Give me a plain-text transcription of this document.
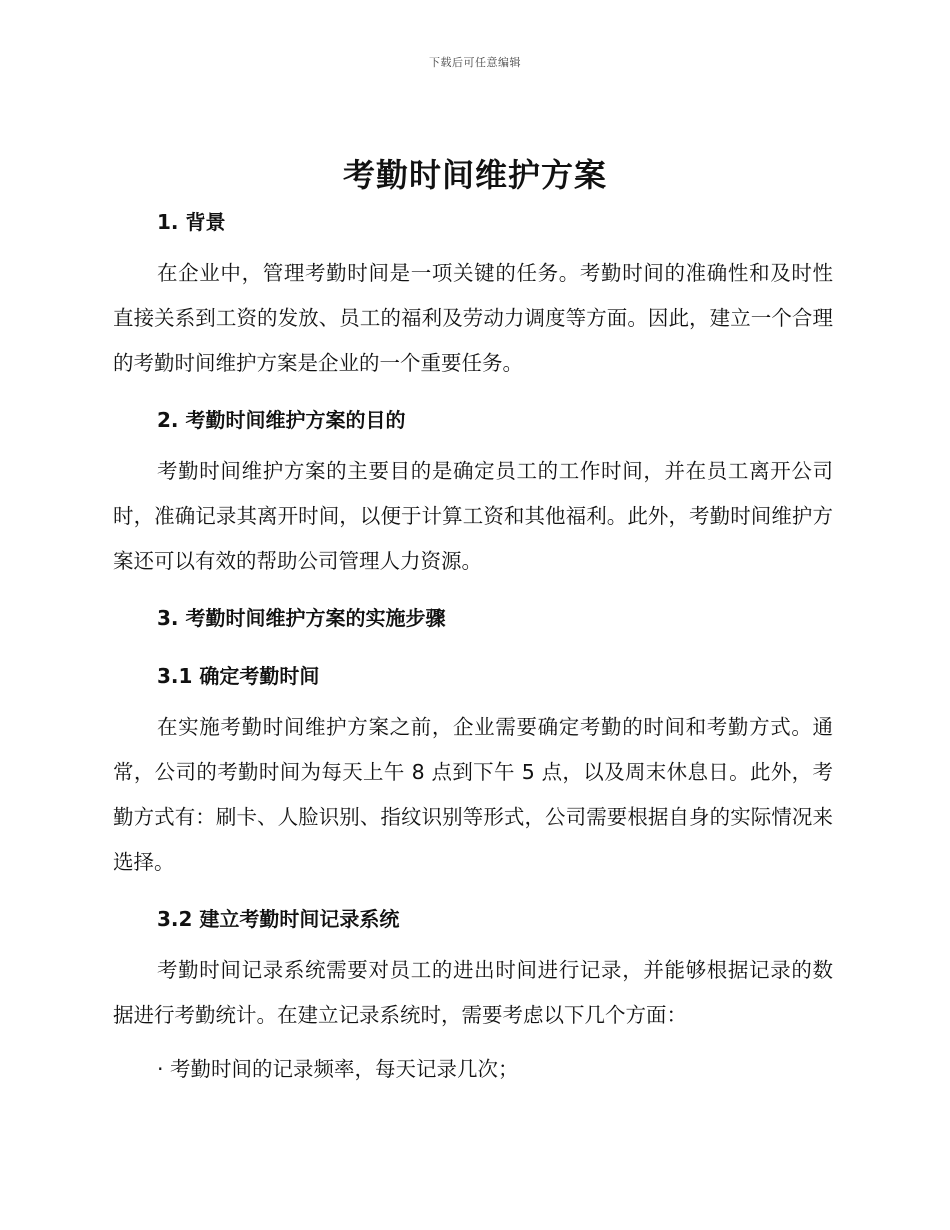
下载后可任意编辑
考勤时间维护方案
1. 背景

在企业中，管理考勤时间是一项关键的任务。考勤时间的准确性和及时性直接关系到工资的发放、员工的福利及劳动力调度等方面。因此，建立一个合理的考勤时间维护方案是企业的一个重要任务。

2. 考勤时间维护方案的目的

考勤时间维护方案的主要目的是确定员工的工作时间，并在员工离开公司时，准确记录其离开时间，以便于计算工资和其他福利。此外，考勤时间维护方案还可以有效的帮助公司管理人力资源。

3. 考勤时间维护方案的实施步骤
3.1 确定考勤时间

在实施考勤时间维护方案之前，企业需要确定考勤的时间和考勤方式。通常，公司的考勤时间为每天上午 8 点到下午 5 点，以及周末休息日。此外，考勤方式有：刷卡、人脸识别、指纹识别等形式，公司需要根据自身的实际情况来选择。

3.2 建立考勤时间记录系统

考勤时间记录系统需要对员工的进出时间进行记录，并能够根据记录的数据进行考勤统计。在建立记录系统时，需要考虑以下几个方面：

· 考勤时间的记录频率，每天记录几次；
